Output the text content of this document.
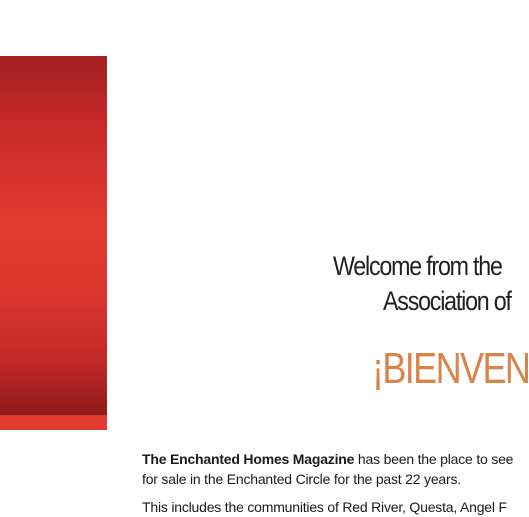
Welcome from the
Association of
¡BIENVEN
The Enchanted Homes Magazine has been the place to see
for sale in the Enchanted Circle for the past 22 years.
This includes the communities of Red River, Questa, Angel F
